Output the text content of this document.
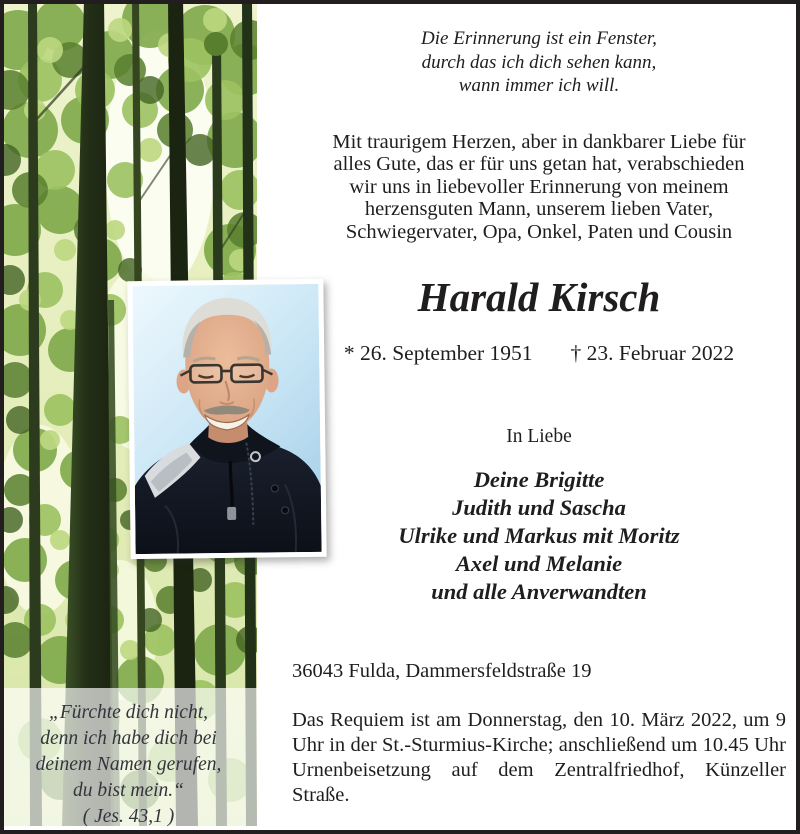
„Fürchte dich nicht,
denn ich habe dich bei
deinem Namen gerufen,
du bist mein.“
( Jes. 43,1 )
Die Erinnerung ist ein Fenster,
durch das ich dich sehen kann,
wann immer ich will.
Mit traurigem Herzen, aber in dankbarer Liebe für
alles Gute, das er für uns getan hat, verabschieden
wir uns in liebevoller Erinnerung von meinem
herzensguten Mann, unserem lieben Vater,
Schwiegervater, Opa, Onkel, Paten und Cousin
Harald Kirsch
* 26. September 1951 † 23. Februar 2022
In Liebe
Deine Brigitte
Judith und Sascha
Ulrike und Markus mit Moritz
Axel und Melanie
und alle Anverwandten
36043 Fulda, Dammersfeldstraße 19
Das Requiem ist am Donnerstag, den 10. März 2022, um 9 Uhr in der St.-Sturmius-Kirche; anschließend um 10.45 Uhr Urnenbeisetzung auf dem Zentralfriedhof, Künzeller Straße.
